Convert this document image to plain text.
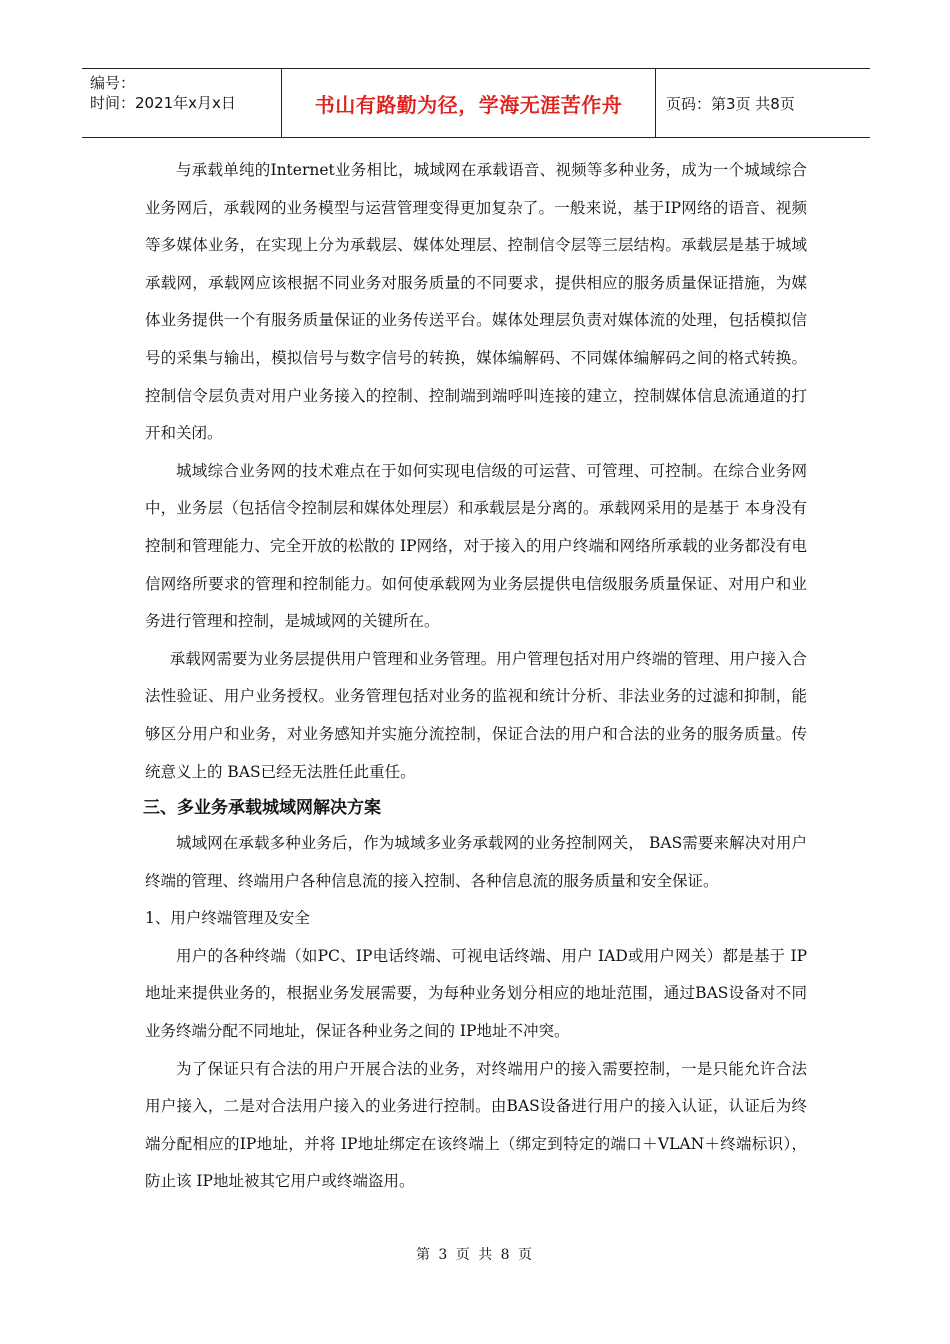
编号：
时间：2021年x月x日	书山有路勤为径，学海无涯苦作舟	页码：第3页 共8页

与承载单纯的Internet业务相比，城域网在承载语音、视频等多种业务，成为一个城域综合业务网后，承载网的业务模型与运营管理变得更加复杂了。一般来说，基于IP网络的语音、视频等多媒体业务，在实现上分为承载层、媒体处理层、控制信令层等三层结构。承载层是基于城域承载网，承载网应该根据不同业务对服务质量的不同要求，提供相应的服务质量保证措施，为媒体业务提供一个有服务质量保证的业务传送平台。媒体处理层负责对媒体流的处理，包括模拟信号的采集与输出，模拟信号与数字信号的转换，媒体编解码、不同媒体编解码之间的格式转换。控制信令层负责对用户业务接入的控制、控制端到端呼叫连接的建立，控制媒体信息流通道的打开和关闭。

城域综合业务网的技术难点在于如何实现电信级的可运营、可管理、可控制。在综合业务网中，业务层（包括信令控制层和媒体处理层）和承载层是分离的。承载网采用的是基于 本身没有控制和管理能力、完全开放的松散的 IP网络，对于接入的用户终端和网络所承载的业务都没有电信网络所要求的管理和控制能力。如何使承载网为业务层提供电信级服务质量保证、对用户和业务进行管理和控制，是城域网的关键所在。

承载网需要为业务层提供用户管理和业务管理。用户管理包括对用户终端的管理、用户接入合法性验证、用户业务授权。业务管理包括对业务的监视和统计分析、非法业务的过滤和抑制，能够区分用户和业务，对业务感知并实施分流控制，保证合法的用户和合法的业务的服务质量。传统意义上的 BAS已经无法胜任此重任。

三、多业务承载城域网解决方案

城域网在承载多种业务后，作为城域多业务承载网的业务控制网关， BAS需要来解决对用户终端的管理、终端用户各种信息流的接入控制、各种信息流的服务质量和安全保证。

1、用户终端管理及安全

用户的各种终端（如PC、IP电话终端、可视电话终端、用户 IAD或用户网关）都是基于 IP地址来提供业务的，根据业务发展需要，为每种业务划分相应的地址范围，通过BAS设备对不同业务终端分配不同地址，保证各种业务之间的 IP地址不冲突。

为了保证只有合法的用户开展合法的业务，对终端用户的接入需要控制，一是只能允许合法用户接入，二是对合法用户接入的业务进行控制。由BAS设备进行用户的接入认证，认证后为终端分配相应的IP地址，并将 IP地址绑定在该终端上（绑定到特定的端口＋VLAN＋终端标识），防止该 IP地址被其它用户或终端盗用。

第 3 页 共 8 页
